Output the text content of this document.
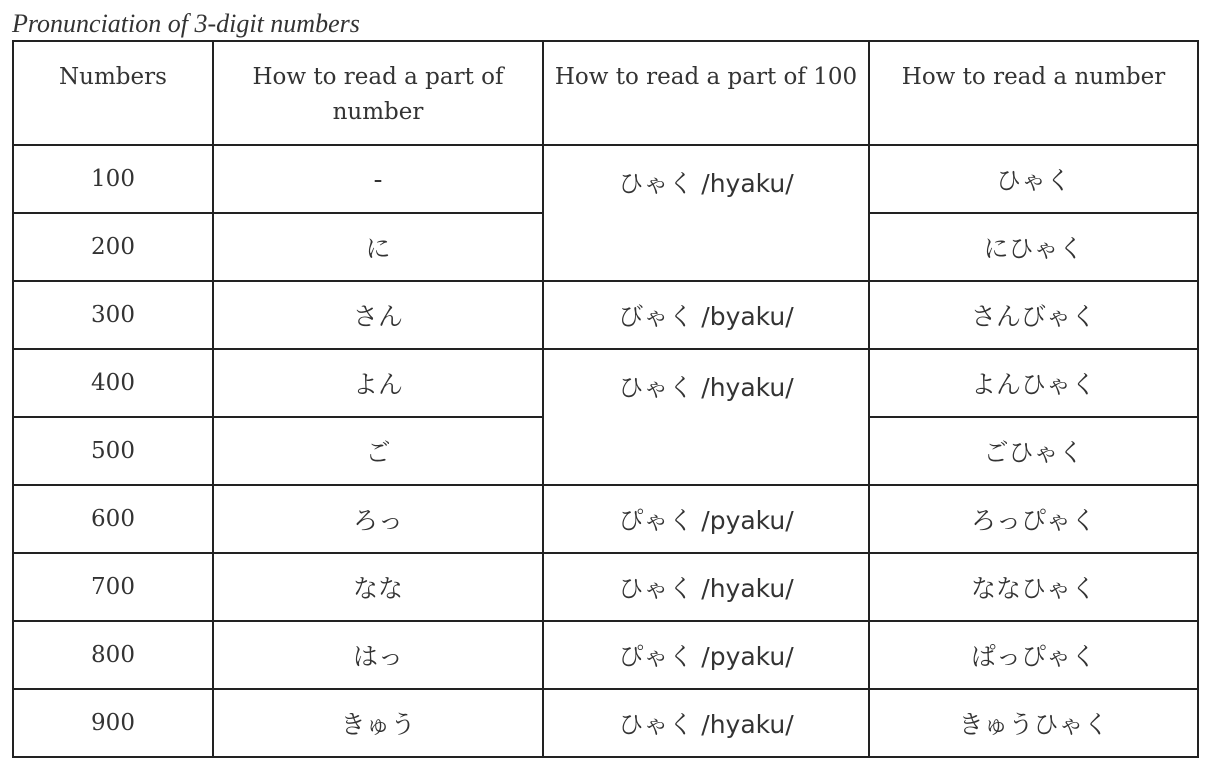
Pronunciation of 3-digit numbers
Numbers	How to read a part of number	How to read a part of 100	How to read a number
100	-	ひゃく /hyaku/	ひゃく
200	に		にひゃく
300	さん	びゃく /byaku/	さんびゃく
400	よん	ひゃく /hyaku/	よんひゃく
500	ご		ごひゃく
600	ろっ	ぴゃく /pyaku/	ろっぴゃく
700	なな	ひゃく /hyaku/	ななひゃく
800	はっ	ぴゃく /pyaku/	ぱっぴゃく
900	きゅう	ひゃく /hyaku/	きゅうひゃく
